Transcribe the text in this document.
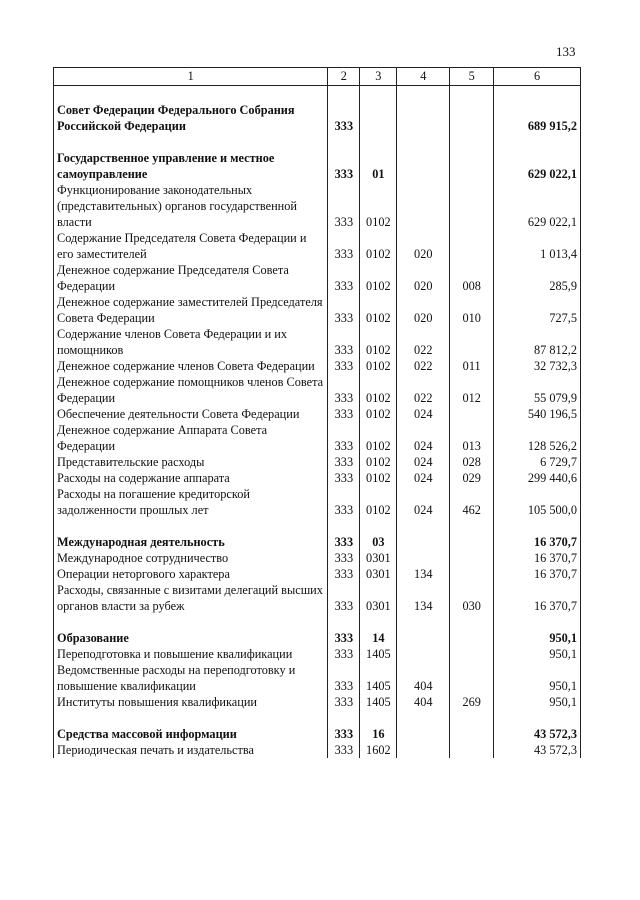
133
1	2	3	4	5	6

Совет Федерации Федерального Собрания Российской Федерации	333				689 915,2

Государственное управление и местное самоуправление	333	01			629 022,1
Функционирование законодательных (представительных) органов государственной власти	333	0102			629 022,1
Содержание Председателя Совета Федерации и его заместителей	333	0102	020		1 013,4
Денежное содержание Председателя Совета Федерации	333	0102	020	008	285,9
Денежное содержание заместителей Председателя Совета Федерации	333	0102	020	010	727,5
Содержание членов Совета Федерации и их помощников	333	0102	022		87 812,2
Денежное содержание членов Совета Федерации	333	0102	022	011	32 732,3
Денежное содержание помощников членов Совета Федерации	333	0102	022	012	55 079,9
Обеспечение деятельности Совета Федерации	333	0102	024		540 196,5
Денежное содержание Аппарата Совета Федерации	333	0102	024	013	128 526,2
Представительские расходы	333	0102	024	028	6 729,7
Расходы на содержание аппарата	333	0102	024	029	299 440,6
Расходы на погашение кредиторской задолженности прошлых лет	333	0102	024	462	105 500,0

Международная деятельность	333	03			16 370,7
Международное сотрудничество	333	0301			16 370,7
Операции неторгового характера	333	0301	134		16 370,7
Расходы, связанные с визитами делегаций высших органов власти за рубеж	333	0301	134	030	16 370,7

Образование	333	14			950,1
Переподготовка и повышение квалификации	333	1405			950,1
Ведомственные расходы на переподготовку и повышение квалификации	333	1405	404		950,1
Институты повышения квалификации	333	1405	404	269	950,1

Средства массовой информации	333	16			43 572,3
Периодическая печать и издательства	333	1602			43 572,3
